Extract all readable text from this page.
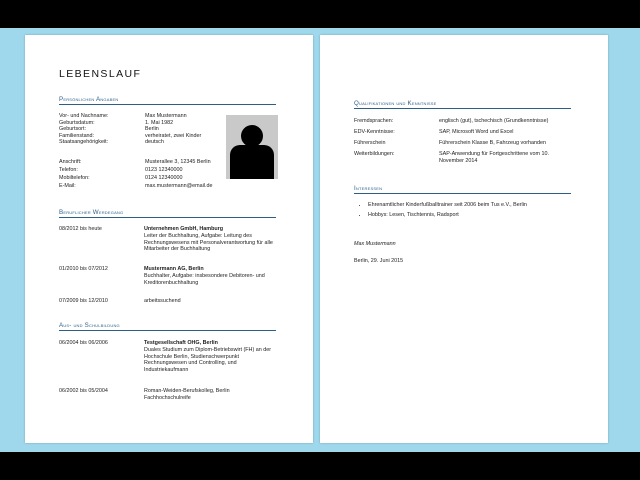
LEBENSLAUF
Persönlichen Angaben
Vor- und Nachname:	Max Mustermann
Geburtsdatum:	1. Mai 1982
Geburtsort:	Berlin
Familienstand:	verheiratet, zwei Kinder
Staatsangehörigkeit:	deutsch
Anschrift:	Musterallee 3, 12345 Berlin
Telefon:	0123 12340000
Mobiltelefon:	0124 12340000
E-Mail:	max.mustermann@email.de
Beruflicher Werdegang
08/2012 bis heute	Unternehmen GmbH, Hamburg
Leiter der Buchhaltung, Aufgabe: Leitung des Rechnungswesens mit Personalverantwortung für alle Mitarbeiter der Buchhaltung
01/2010 bis 07/2012	Mustermann AG, Berlin
Buchhalter, Aufgabe: insbesondere Debitoren- und Kreditorenbuchhaltung
07/2009 bis 12/2010	arbeitssuchend
Aus- und Schulbildung
06/2004 bis 06/2006	Testgesellschaft OHG, Berlin
Duales Studium zum Diplom-Betriebswirt (FH) an der Hochschule Berlin, Studienschwerpunkt Rechnungswesen und Controlling, und Industriekaufmann
06/2002 bis 05/2004	Roman-Weiden-Berufskolleg, Berlin Fachhochschulreife
Qualifikationen und Kenntnisse
Fremdsprachen:	englisch (gut), tschechisch (Grundkenntnisse)
EDV-Kenntnisse:	SAP, Microsoft Word und Excel
Führerschein	Führerschein Klasse B, Fahrzeug vorhanden
Weiterbildungen:	SAP-Anwendung für Fortgeschrittene vom 10. November 2014
Interessen
• Ehrenamtlicher Kinderfußballtrainer seit 2006 beim Tus e.V., Berlin
• Hobbys: Lesen, Tischtennis, Radsport
Max Mustermann
Berlin, 29. Juni 2015
